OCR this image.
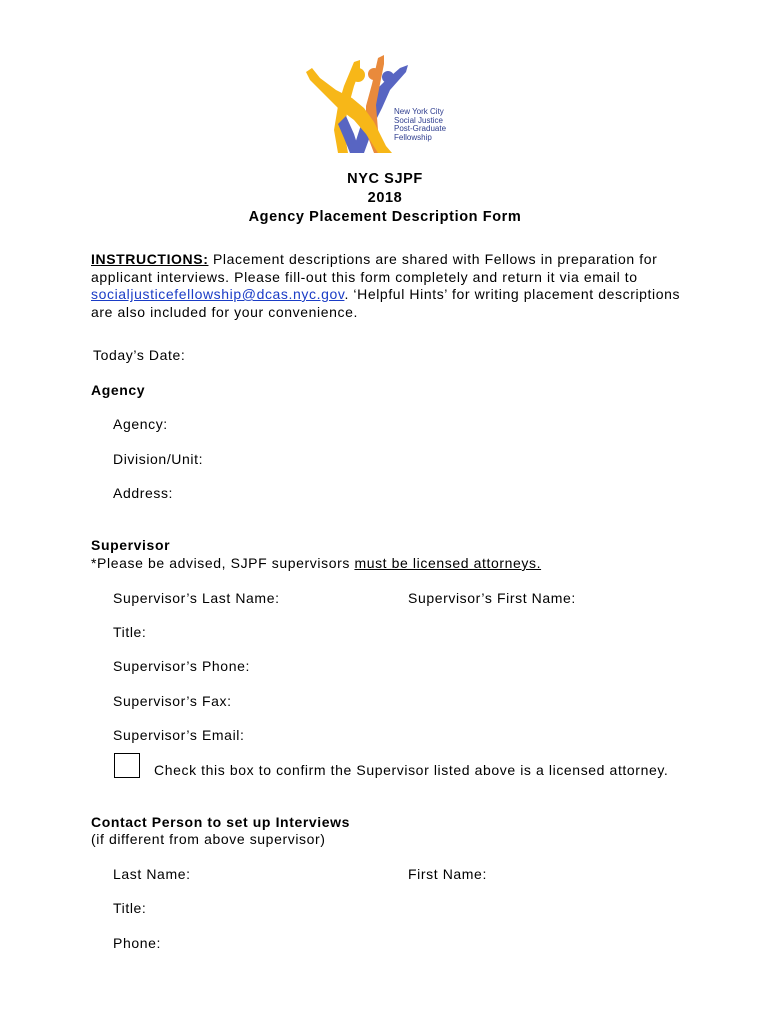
New York City
Social Justice
Post-Graduate
Fellowship
NYC SJPF
2018
Agency Placement Description Form
INSTRUCTIONS: Placement descriptions are shared with Fellows in preparation for applicant interviews. Please fill-out this form completely and return it via email to socialjusticefellowship@dcas.nyc.gov. ‘Helpful Hints’ for writing placement descriptions are also included for your convenience.
Today’s Date:
Agency
Agency:
Division/Unit:
Address:
Supervisor
*Please be advised, SJPF supervisors must be licensed attorneys.
Supervisor’s Last Name:	Supervisor’s First Name:
Title:
Supervisor’s Phone:
Supervisor’s Fax:
Supervisor’s Email:
Check this box to confirm the Supervisor listed above is a licensed attorney.
Contact Person to set up Interviews
(if different from above supervisor)
Last Name:	First Name:
Title:
Phone:
